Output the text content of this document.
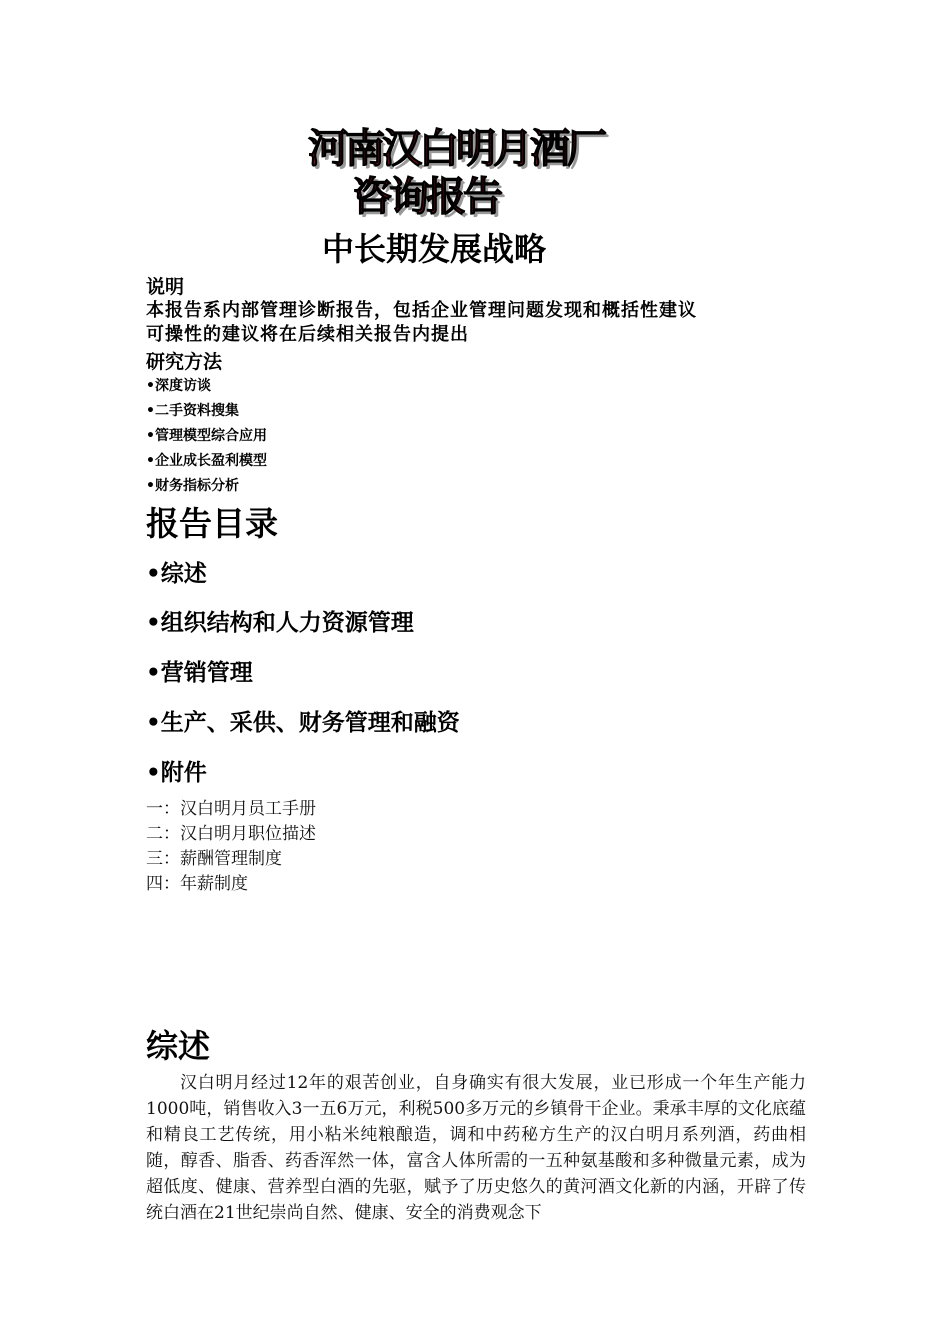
河南汉白明月酒厂
咨询报告
中长期发展战略
说明
本报告系内部管理诊断报告，包括企业管理问题发现和概括性建议
可操性的建议将在后续相关报告内提出
研究方法
•深度访谈
•二手资料搜集
•管理模型综合应用
•企业成长盈利模型
•财务指标分析
报告目录
•综述
•组织结构和人力资源管理
•营销管理
•生产、采供、财务管理和融资
•附件
一：汉白明月员工手册
二：汉白明月职位描述
三：薪酬管理制度
四：年薪制度
综述
汉白明月经过12年的艰苦创业，自身确实有很大发展，业已形成一个年生产能力1000吨，销售收入3一五6万元，利税500多万元的乡镇骨干企业。秉承丰厚的文化底蕴和精良工艺传统，用小粘米纯粮酿造，调和中药秘方生产的汉白明月系列酒，药曲相随，醇香、脂香、药香浑然一体，富含人体所需的一五种氨基酸和多种微量元素，成为超低度、健康、营养型白酒的先驱，赋予了历史悠久的黄河酒文化新的内涵，开辟了传统白酒在21世纪崇尚自然、健康、安全的消费观念下
